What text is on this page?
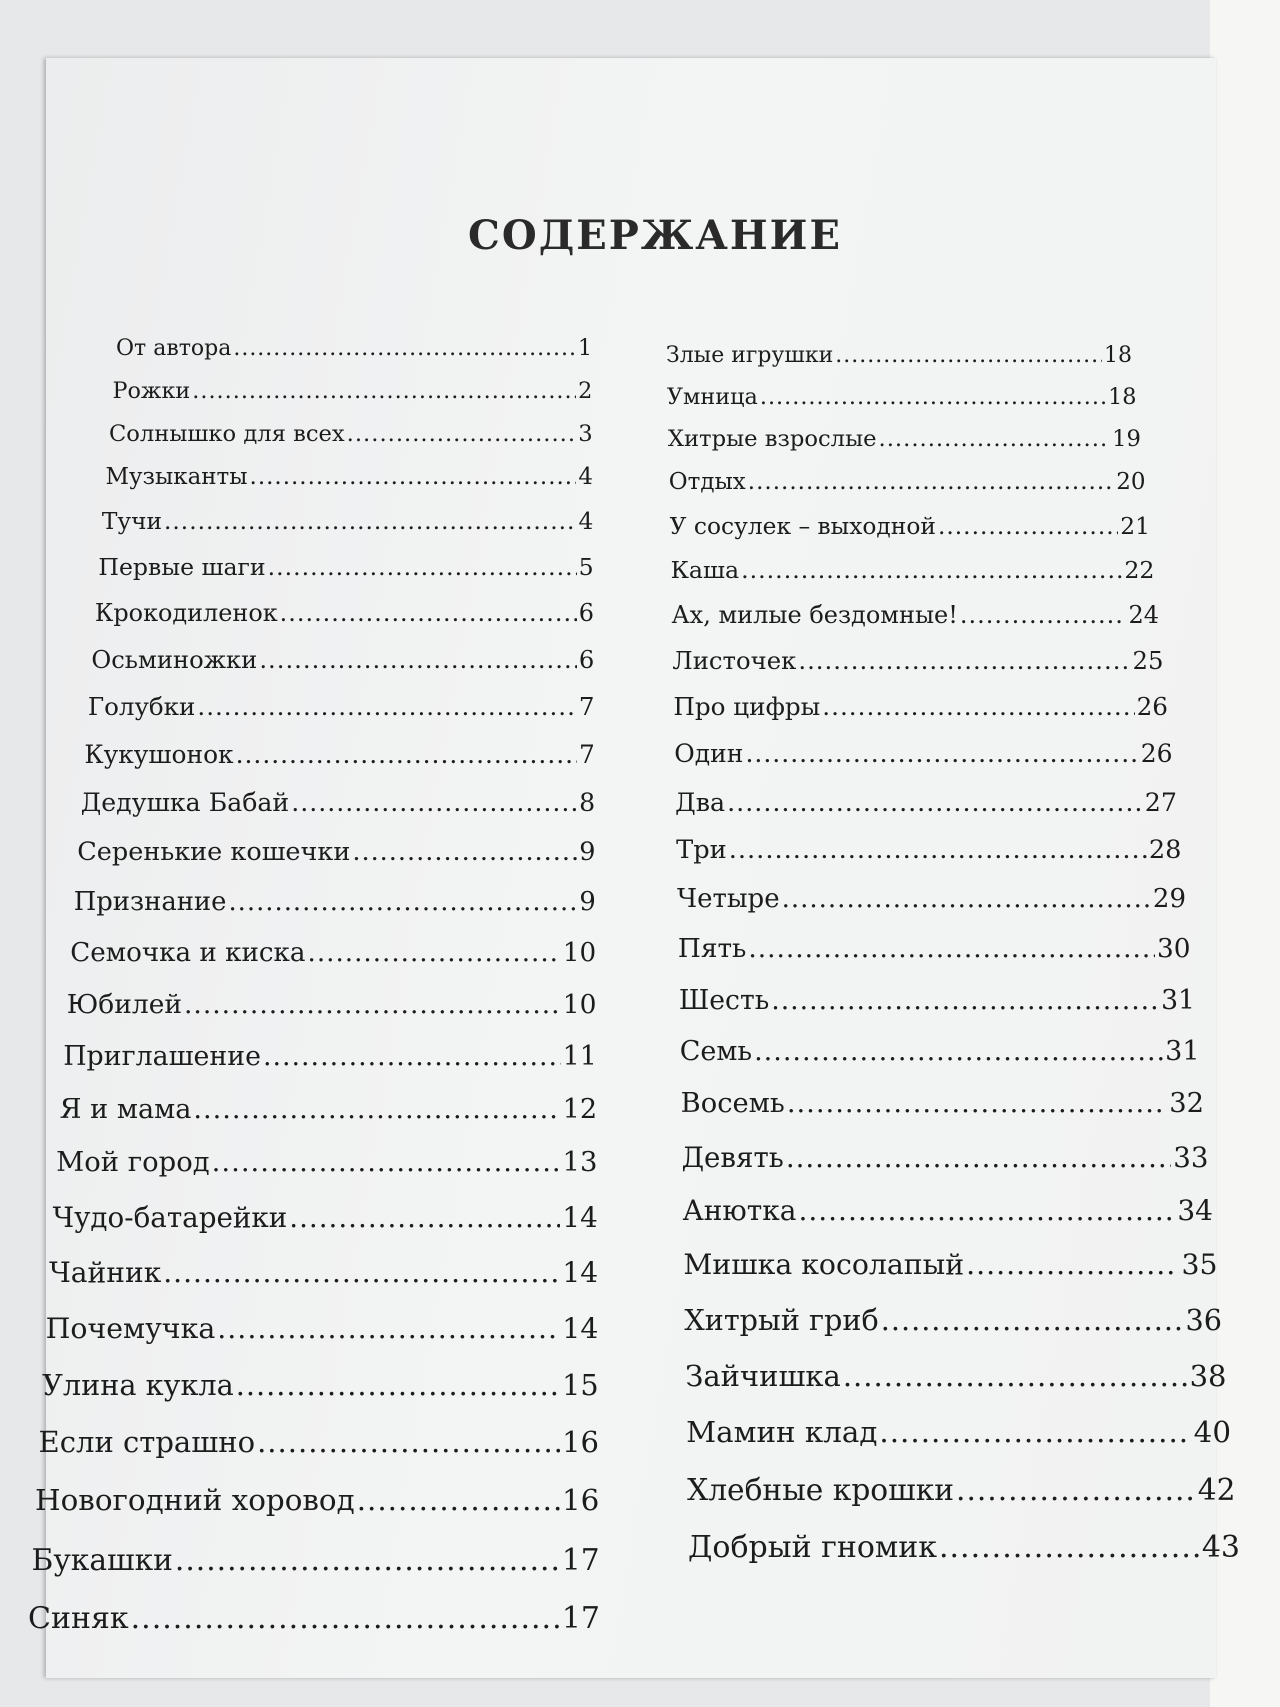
СОДЕРЖАНИЕ
От автора .....	1
Рожки .....	2
Солнышко для всех .....	3
Музыканты .....	4
Тучи .....	4
Первые шаги .....	5
Крокодиленок .....	6
Осьминожки .....	6
Голубки .....	7
Кукушонок .....	7
Дедушка Бабай .....	8
Серенькие кошечки .....	9
Признание .....	9
Семочка и киска .....	10
Юбилей .....	10
Приглашение .....	11
Я и мама .....	12
Мой город .....	13
Чудо-батарейки .....	14
Чайник .....	14
Почемучка .....	14
Улина кукла .....	15
Если страшно .....	16
Новогодний хоровод .....	16
Букашки .....	17
Синяк .....	17
Злые игрушки .....	18
Умница .....	18
Хитрые взрослые .....	19
Отдых .....	20
У сосулек – выходной .....	21
Каша .....	22
Ах, милые бездомные! .....	24
Листочек .....	25
Про цифры .....	26
Один .....	26
Два .....	27
Три .....	28
Четыре .....	29
Пять .....	30
Шесть .....	31
Семь .....	31
Восемь .....	32
Девять .....	33
Анютка .....	34
Мишка косолапый .....	35
Хитрый гриб .....	36
Зайчишка .....	38
Мамин клад .....	40
Хлебные крошки .....	42
Добрый гномик .....	43
